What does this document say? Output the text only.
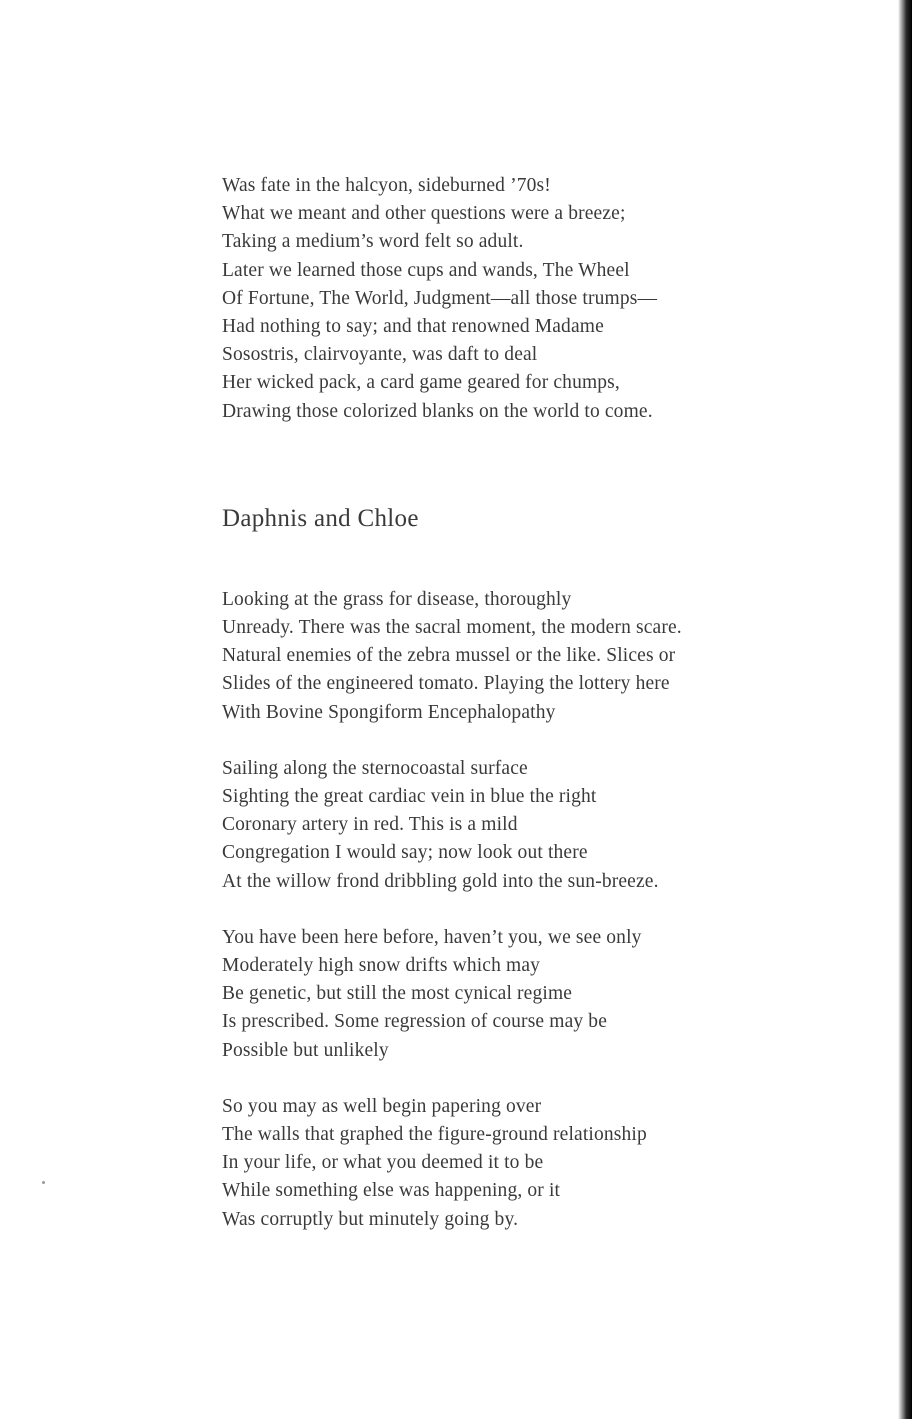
Was fate in the halcyon, sideburned ’70s!
What we meant and other questions were a breeze;
Taking a medium’s word felt so adult.
Later we learned those cups and wands, The Wheel
Of Fortune, The World, Judgment—all those trumps—
Had nothing to say; and that renowned Madame
Sosostris, clairvoyante, was daft to deal
Her wicked pack, a card game geared for chumps,
Drawing those colorized blanks on the world to come.
Daphnis and Chloe
Looking at the grass for disease, thoroughly
Unready. There was the sacral moment, the modern scare.
Natural enemies of the zebra mussel or the like. Slices or
Slides of the engineered tomato. Playing the lottery here
With Bovine Spongiform Encephalopathy
Sailing along the sternocoastal surface
Sighting the great cardiac vein in blue the right
Coronary artery in red. This is a mild
Congregation I would say; now look out there
At the willow frond dribbling gold into the sun-breeze.
You have been here before, haven’t you, we see only
Moderately high snow drifts which may
Be genetic, but still the most cynical regime
Is prescribed. Some regression of course may be
Possible but unlikely
So you may as well begin papering over
The walls that graphed the figure-ground relationship
In your life, or what you deemed it to be
While something else was happening, or it
Was corruptly but minutely going by.
